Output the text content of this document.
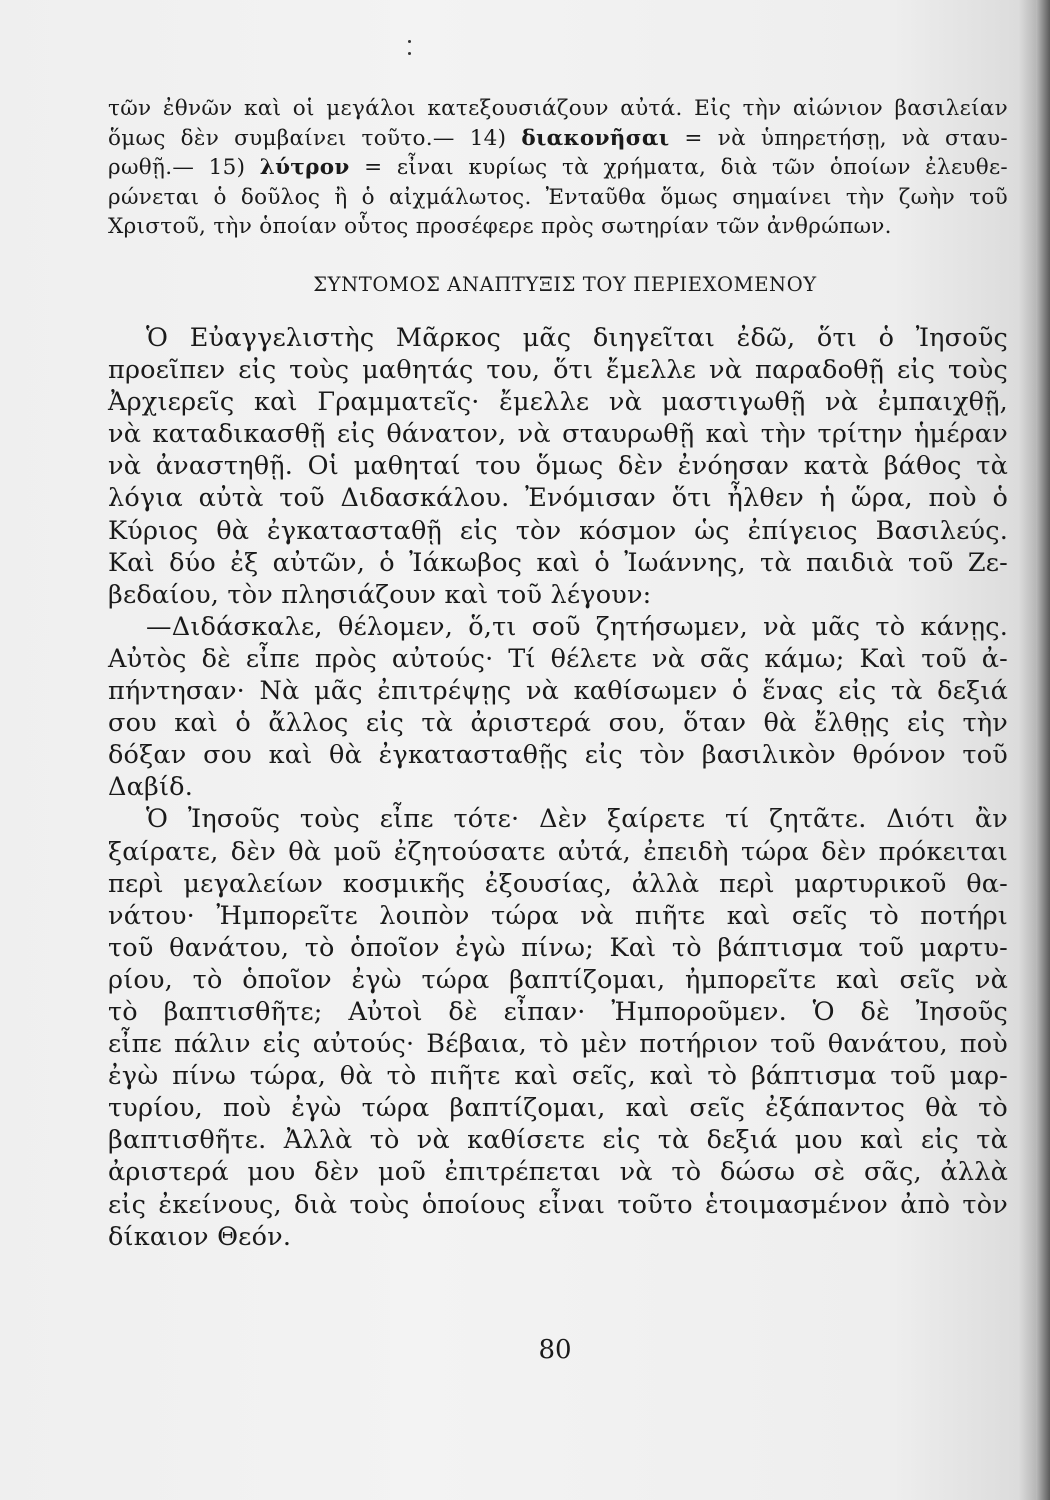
τῶν ἐθνῶν καὶ οἱ μεγάλοι κατεξουσιάζουν αὐτά. Εἰς τὴν αἰώνιον βασιλείαν
ὅμως δὲν συμβαίνει τοῦτο.— 14) διακονῆσαι = νὰ ὑπηρετήσῃ, νὰ σταυ-
ρωθῇ.— 15) λύτρον = εἶναι κυρίως τὰ χρήματα, διὰ τῶν ὁποίων ἐλευθε-
ρώνεται ὁ δοῦλος ἢ ὁ αἰχμάλωτος. Ἐνταῦθα ὅμως σημαίνει τὴν ζωὴν τοῦ
Χριστοῦ, τὴν ὁποίαν οὗτος προσέφερε πρὸς σωτηρίαν τῶν ἀνθρώπων.
ΣΥΝΤΟΜΟΣ ΑΝΑΠΤΥΞΙΣ ΤΟΥ ΠΕΡΙΕΧΟΜΕΝΟΥ
Ὁ Εὐαγγελιστὴς Μᾶρκος μᾶς διηγεῖται ἐδῶ, ὅτι ὁ Ἰησοῦς
προεῖπεν εἰς τοὺς μαθητάς του, ὅτι ἔμελλε νὰ παραδοθῇ εἰς τοὺς
Ἀρχιερεῖς καὶ Γραμματεῖς· ἔμελλε νὰ μαστιγωθῇ νὰ ἐμπαιχθῇ,
νὰ καταδικασθῇ εἰς θάνατον, νὰ σταυρωθῇ καὶ τὴν τρίτην ἡμέραν
νὰ ἀναστηθῇ. Οἱ μαθηταί του ὅμως δὲν ἐνόησαν κατὰ βάθος τὰ
λόγια αὐτὰ τοῦ Διδασκάλου. Ἐνόμισαν ὅτι ἦλθεν ἡ ὥρα, ποὺ ὁ
Κύριος θὰ ἐγκατασταθῇ εἰς τὸν κόσμον ὡς ἐπίγειος Βασιλεύς.
Καὶ δύο ἐξ αὐτῶν, ὁ Ἰάκωβος καὶ ὁ Ἰωάννης, τὰ παιδιὰ τοῦ Ζε-
βεδαίου, τὸν πλησιάζουν καὶ τοῦ λέγουν:
—Διδάσκαλε, θέλομεν, ὅ,τι σοῦ ζητήσωμεν, νὰ μᾶς τὸ κάνῃς.
Αὐτὸς δὲ εἶπε πρὸς αὐτούς· Τί θέλετε νὰ σᾶς κάμω; Καὶ τοῦ ἀ-
πήντησαν· Νὰ μᾶς ἐπιτρέψῃς νὰ καθίσωμεν ὁ ἕνας εἰς τὰ δεξιά
σου καὶ ὁ ἄλλος εἰς τὰ ἀριστερά σου, ὅταν θὰ ἔλθῃς εἰς τὴν
δόξαν σου καὶ θὰ ἐγκατασταθῇς εἰς τὸν βασιλικὸν θρόνον τοῦ
Δαβίδ.
Ὁ Ἰησοῦς τοὺς εἶπε τότε· Δὲν ξαίρετε τί ζητᾶτε. Διότι ἂν
ξαίρατε, δὲν θὰ μοῦ ἐζητούσατε αὐτά, ἐπειδὴ τώρα δὲν πρόκειται
περὶ μεγαλείων κοσμικῆς ἐξουσίας, ἀλλὰ περὶ μαρτυρικοῦ θα-
νάτου· Ἠμπορεῖτε λοιπὸν τώρα νὰ πιῆτε καὶ σεῖς τὸ ποτήρι
τοῦ θανάτου, τὸ ὁποῖον ἐγὼ πίνω; Καὶ τὸ βάπτισμα τοῦ μαρτυ-
ρίου, τὸ ὁποῖον ἐγὼ τώρα βαπτίζομαι, ἠμπορεῖτε καὶ σεῖς νὰ
τὸ βαπτισθῆτε; Αὐτοὶ δὲ εἶπαν· Ἠμποροῦμεν. Ὁ δὲ Ἰησοῦς
εἶπε πάλιν εἰς αὐτούς· Βέβαια, τὸ μὲν ποτήριον τοῦ θανάτου, ποὺ
ἐγὼ πίνω τώρα, θὰ τὸ πιῆτε καὶ σεῖς, καὶ τὸ βάπτισμα τοῦ μαρ-
τυρίου, ποὺ ἐγὼ τώρα βαπτίζομαι, καὶ σεῖς ἐξάπαντος θὰ τὸ
βαπτισθῆτε. Ἀλλὰ τὸ νὰ καθίσετε εἰς τὰ δεξιά μου καὶ εἰς τὰ
ἀριστερά μου δὲν μοῦ ἐπιτρέπεται νὰ τὸ δώσω σὲ σᾶς, ἀλλὰ
εἰς ἐκείνους, διὰ τοὺς ὁποίους εἶναι τοῦτο ἑτοιμασμένον ἀπὸ τὸν
δίκαιον Θεόν.
80
